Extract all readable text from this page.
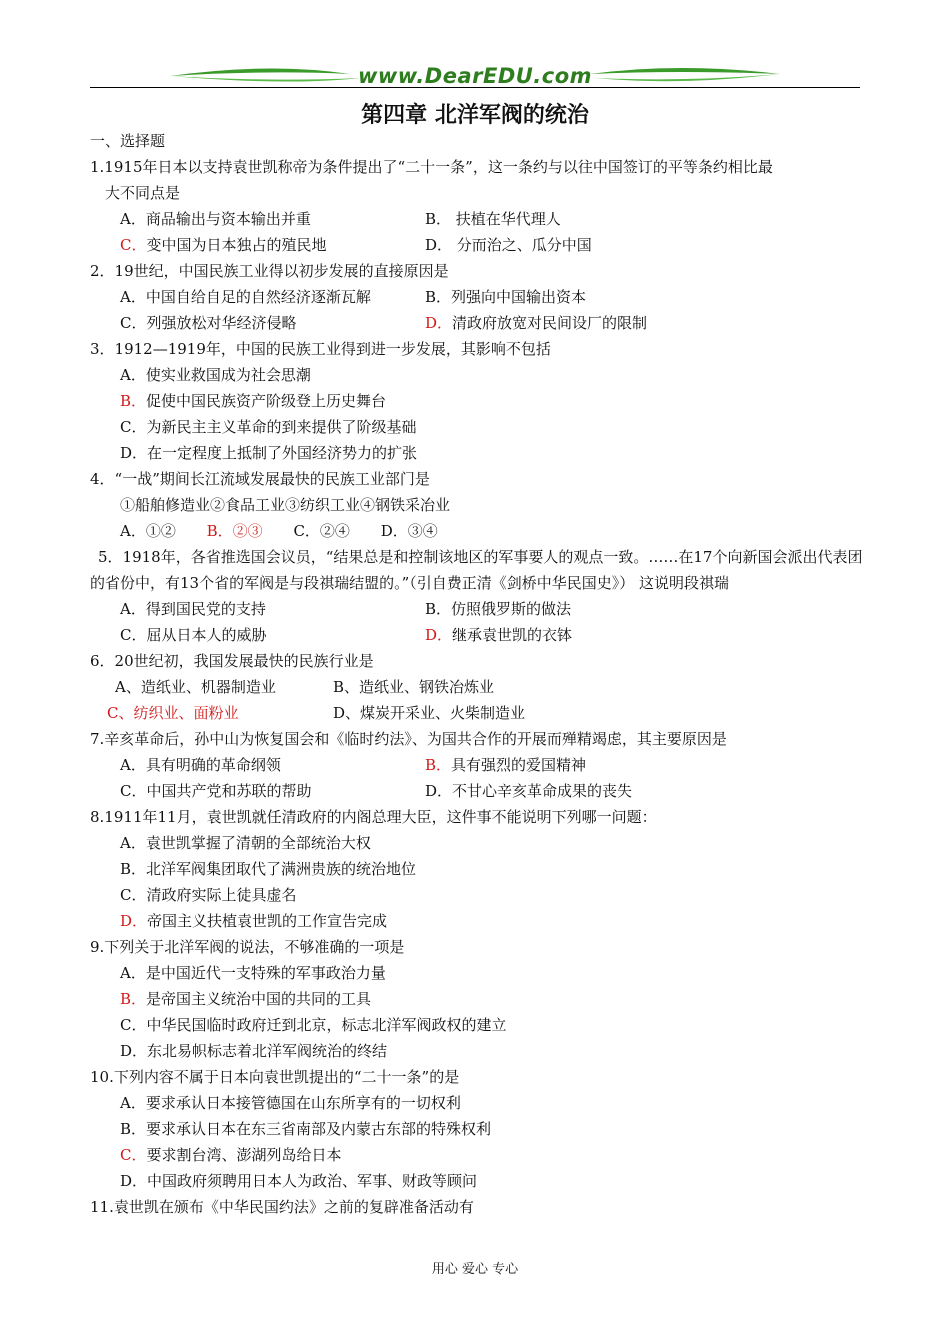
www.DearEDU.com
第四章 北洋军阀的统治
一、选择题
1.1915年日本以支持袁世凯称帝为条件提出了“二十一条”，这一条约与以往中国签订的平等条约相比最
大不同点是
A．商品输出与资本输出并重	B． 扶植在华代理人
C．变中国为日本独占的殖民地	D． 分而治之、瓜分中国
2．19世纪，中国民族工业得以初步发展的直接原因是
A．中国自给自足的自然经济逐渐瓦解	B．列强向中国输出资本
C．列强放松对华经济侵略	D．清政府放宽对民间设厂的限制
3．1912—1919年，中国的民族工业得到进一步发展，其影响不包括
A．使实业救国成为社会思潮
B．促使中国民族资产阶级登上历史舞台
C．为新民主主义革命的到来提供了阶级基础
D．在一定程度上抵制了外国经济势力的扩张
4．“一战”期间长江流域发展最快的民族工业部门是
①船舶修造业②食品工业③纺织工业④钢铁采冶业
A．①② B．②③ C．②④ D．③④
5．1918年，各省推选国会议员，“结果总是和控制该地区的军事要人的观点一致。……在17个向新国会派出代表团的省份中，有13个省的军阀是与段祺瑞结盟的。”（引自费正清《剑桥中华民国史》） 这说明段祺瑞
A．得到国民党的支持	B．仿照俄罗斯的做法
C．屈从日本人的威胁	D．继承袁世凯的衣钵
6．20世纪初，我国发展最快的民族行业是
A、造纸业、机器制造业	B、造纸业、钢铁冶炼业
C、纺织业、面粉业	D、煤炭开采业、火柴制造业
7.辛亥革命后，孙中山为恢复国会和《临时约法》、为国共合作的开展而殚精竭虑，其主要原因是
A．具有明确的革命纲领	B．具有强烈的爱国精神
C．中国共产党和苏联的帮助	D．不甘心辛亥革命成果的丧失
8.1911年11月，袁世凯就任清政府的内阁总理大臣，这件事不能说明下列哪一问题：
A．袁世凯掌握了清朝的全部统治大权
B．北洋军阀集团取代了满洲贵族的统治地位
C．清政府实际上徒具虚名
D．帝国主义扶植袁世凯的工作宣告完成
9.下列关于北洋军阀的说法，不够准确的一项是
A．是中国近代一支特殊的军事政治力量
B．是帝国主义统治中国的共同的工具
C．中华民国临时政府迁到北京，标志北洋军阀政权的建立
D．东北易帜标志着北洋军阀统治的终结
10.下列内容不属于日本向袁世凯提出的“二十一条”的是
A．要求承认日本接管德国在山东所享有的一切权利
B．要求承认日本在东三省南部及内蒙古东部的特殊权利
C．要求割台湾、澎湖列岛给日本
D．中国政府须聘用日本人为政治、军事、财政等顾问
11.袁世凯在颁布《中华民国约法》之前的复辟准备活动有
用心 爱心 专心
